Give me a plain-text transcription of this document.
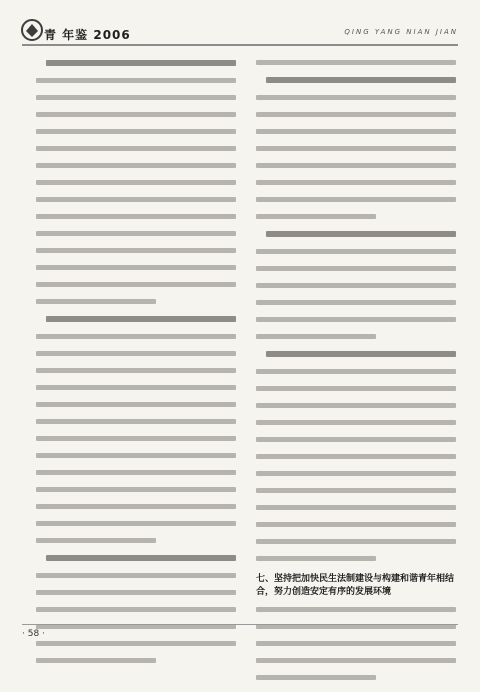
青 年鉴 2006	QING YANG NIAN JIAN
七、坚持把加快民生法制建设与构建和谐青年相结合，努力创造安定有序的发展环境
· 58 ·
